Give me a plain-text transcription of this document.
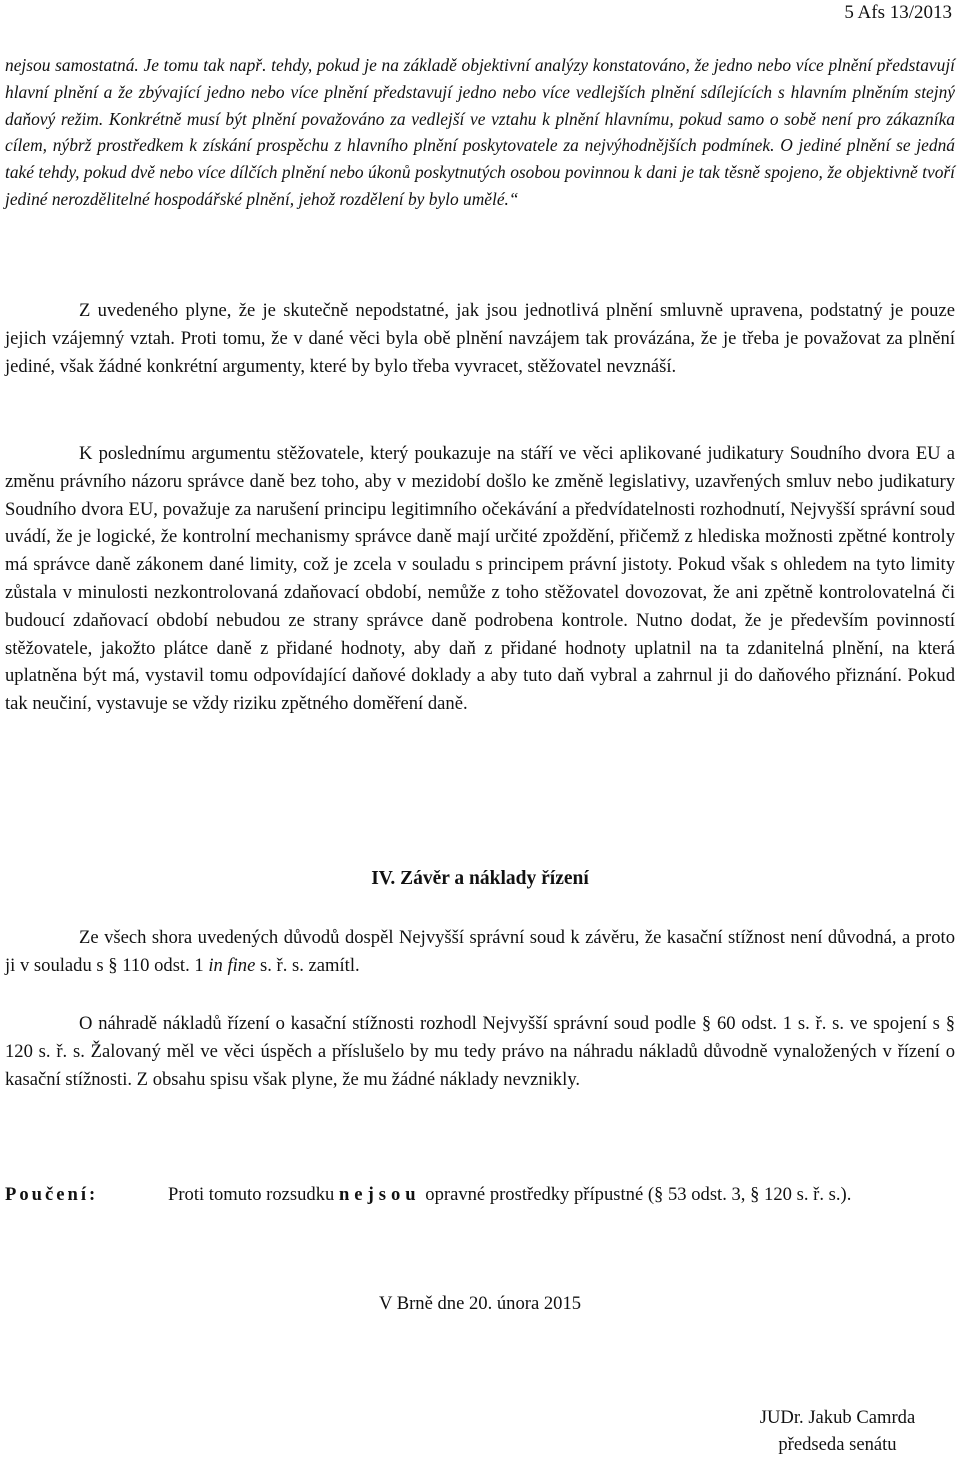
5 Afs 13/2013

nejsou samostatná. Je tomu tak např. tehdy, pokud je na základě objektivní analýzy konstatováno, že jedno nebo více plnění představují hlavní plnění a že zbývající jedno nebo více plnění představují jedno nebo více vedlejších plnění sdílejících s hlavním plněním stejný daňový režim. Konkrétně musí být plnění považováno za vedlejší ve vztahu k plnění hlavnímu, pokud samo o sobě není pro zákazníka cílem, nýbrž prostředkem k získání prospěchu z hlavního plnění poskytovatele za nejvýhodnějších podmínek. O jediné plnění se jedná také tehdy, pokud dvě nebo více dílčích plnění nebo úkonů poskytnutých osobou povinnou k dani je tak těsně spojeno, že objektivně tvoří jediné nerozdělitelné hospodářské plnění, jehož rozdělení by bylo umělé.“

Z uvedeného plyne, že je skutečně nepodstatné, jak jsou jednotlivá plnění smluvně upravena, podstatný je pouze jejich vzájemný vztah. Proti tomu, že v dané věci byla obě plnění navzájem tak provázána, že je třeba je považovat za plnění jediné, však žádné konkrétní argumenty, které by bylo třeba vyvracet, stěžovatel nevznáší.

K poslednímu argumentu stěžovatele, který poukazuje na stáří ve věci aplikované judikatury Soudního dvora EU a změnu právního názoru správce daně bez toho, aby v mezidobí došlo ke změně legislativy, uzavřených smluv nebo judikatury Soudního dvora EU, považuje za narušení principu legitimního očekávání a předvídatelnosti rozhodnutí, Nejvyšší správní soud uvádí, že je logické, že kontrolní mechanismy správce daně mají určité zpoždění, přičemž z hlediska možnosti zpětné kontroly má správce daně zákonem dané limity, což je zcela v souladu s principem právní jistoty. Pokud však s ohledem na tyto limity zůstala v minulosti nezkontrolovaná zdaňovací období, nemůže z toho stěžovatel dovozovat, že ani zpětně kontrolovatelná či budoucí zdaňovací období nebudou ze strany správce daně podrobena kontrole. Nutno dodat, že je především povinností stěžovatele, jakožto plátce daně z přidané hodnoty, aby daň z přidané hodnoty uplatnil na ta zdanitelná plnění, na která uplatněna být má, vystavil tomu odpovídající daňové doklady a aby tuto daň vybral a zahrnul ji do daňového přiznání. Pokud tak neučiní, vystavuje se vždy riziku zpětného doměření daně.

IV. Závěr a náklady řízení

Ze všech shora uvedených důvodů dospěl Nejvyšší správní soud k závěru, že kasační stížnost není důvodná, a proto ji v souladu s § 110 odst. 1 in fine s. ř. s. zamítl.

O náhradě nákladů řízení o kasační stížnosti rozhodl Nejvyšší správní soud podle § 60 odst. 1 s. ř. s. ve spojení s § 120 s. ř. s. Žalovaný měl ve věci úspěch a příslušelo by mu tedy právo na náhradu nákladů důvodně vynaložených v řízení o kasační stížnosti. Z obsahu spisu však plyne, že mu žádné náklady nevznikly.

Poučení:	Proti tomuto rozsudku nejsou opravné prostředky přípustné (§ 53 odst. 3, § 120 s. ř. s.).
V Brně dne 20. února 2015
JUDr. Jakub Camrda
předseda senátu
